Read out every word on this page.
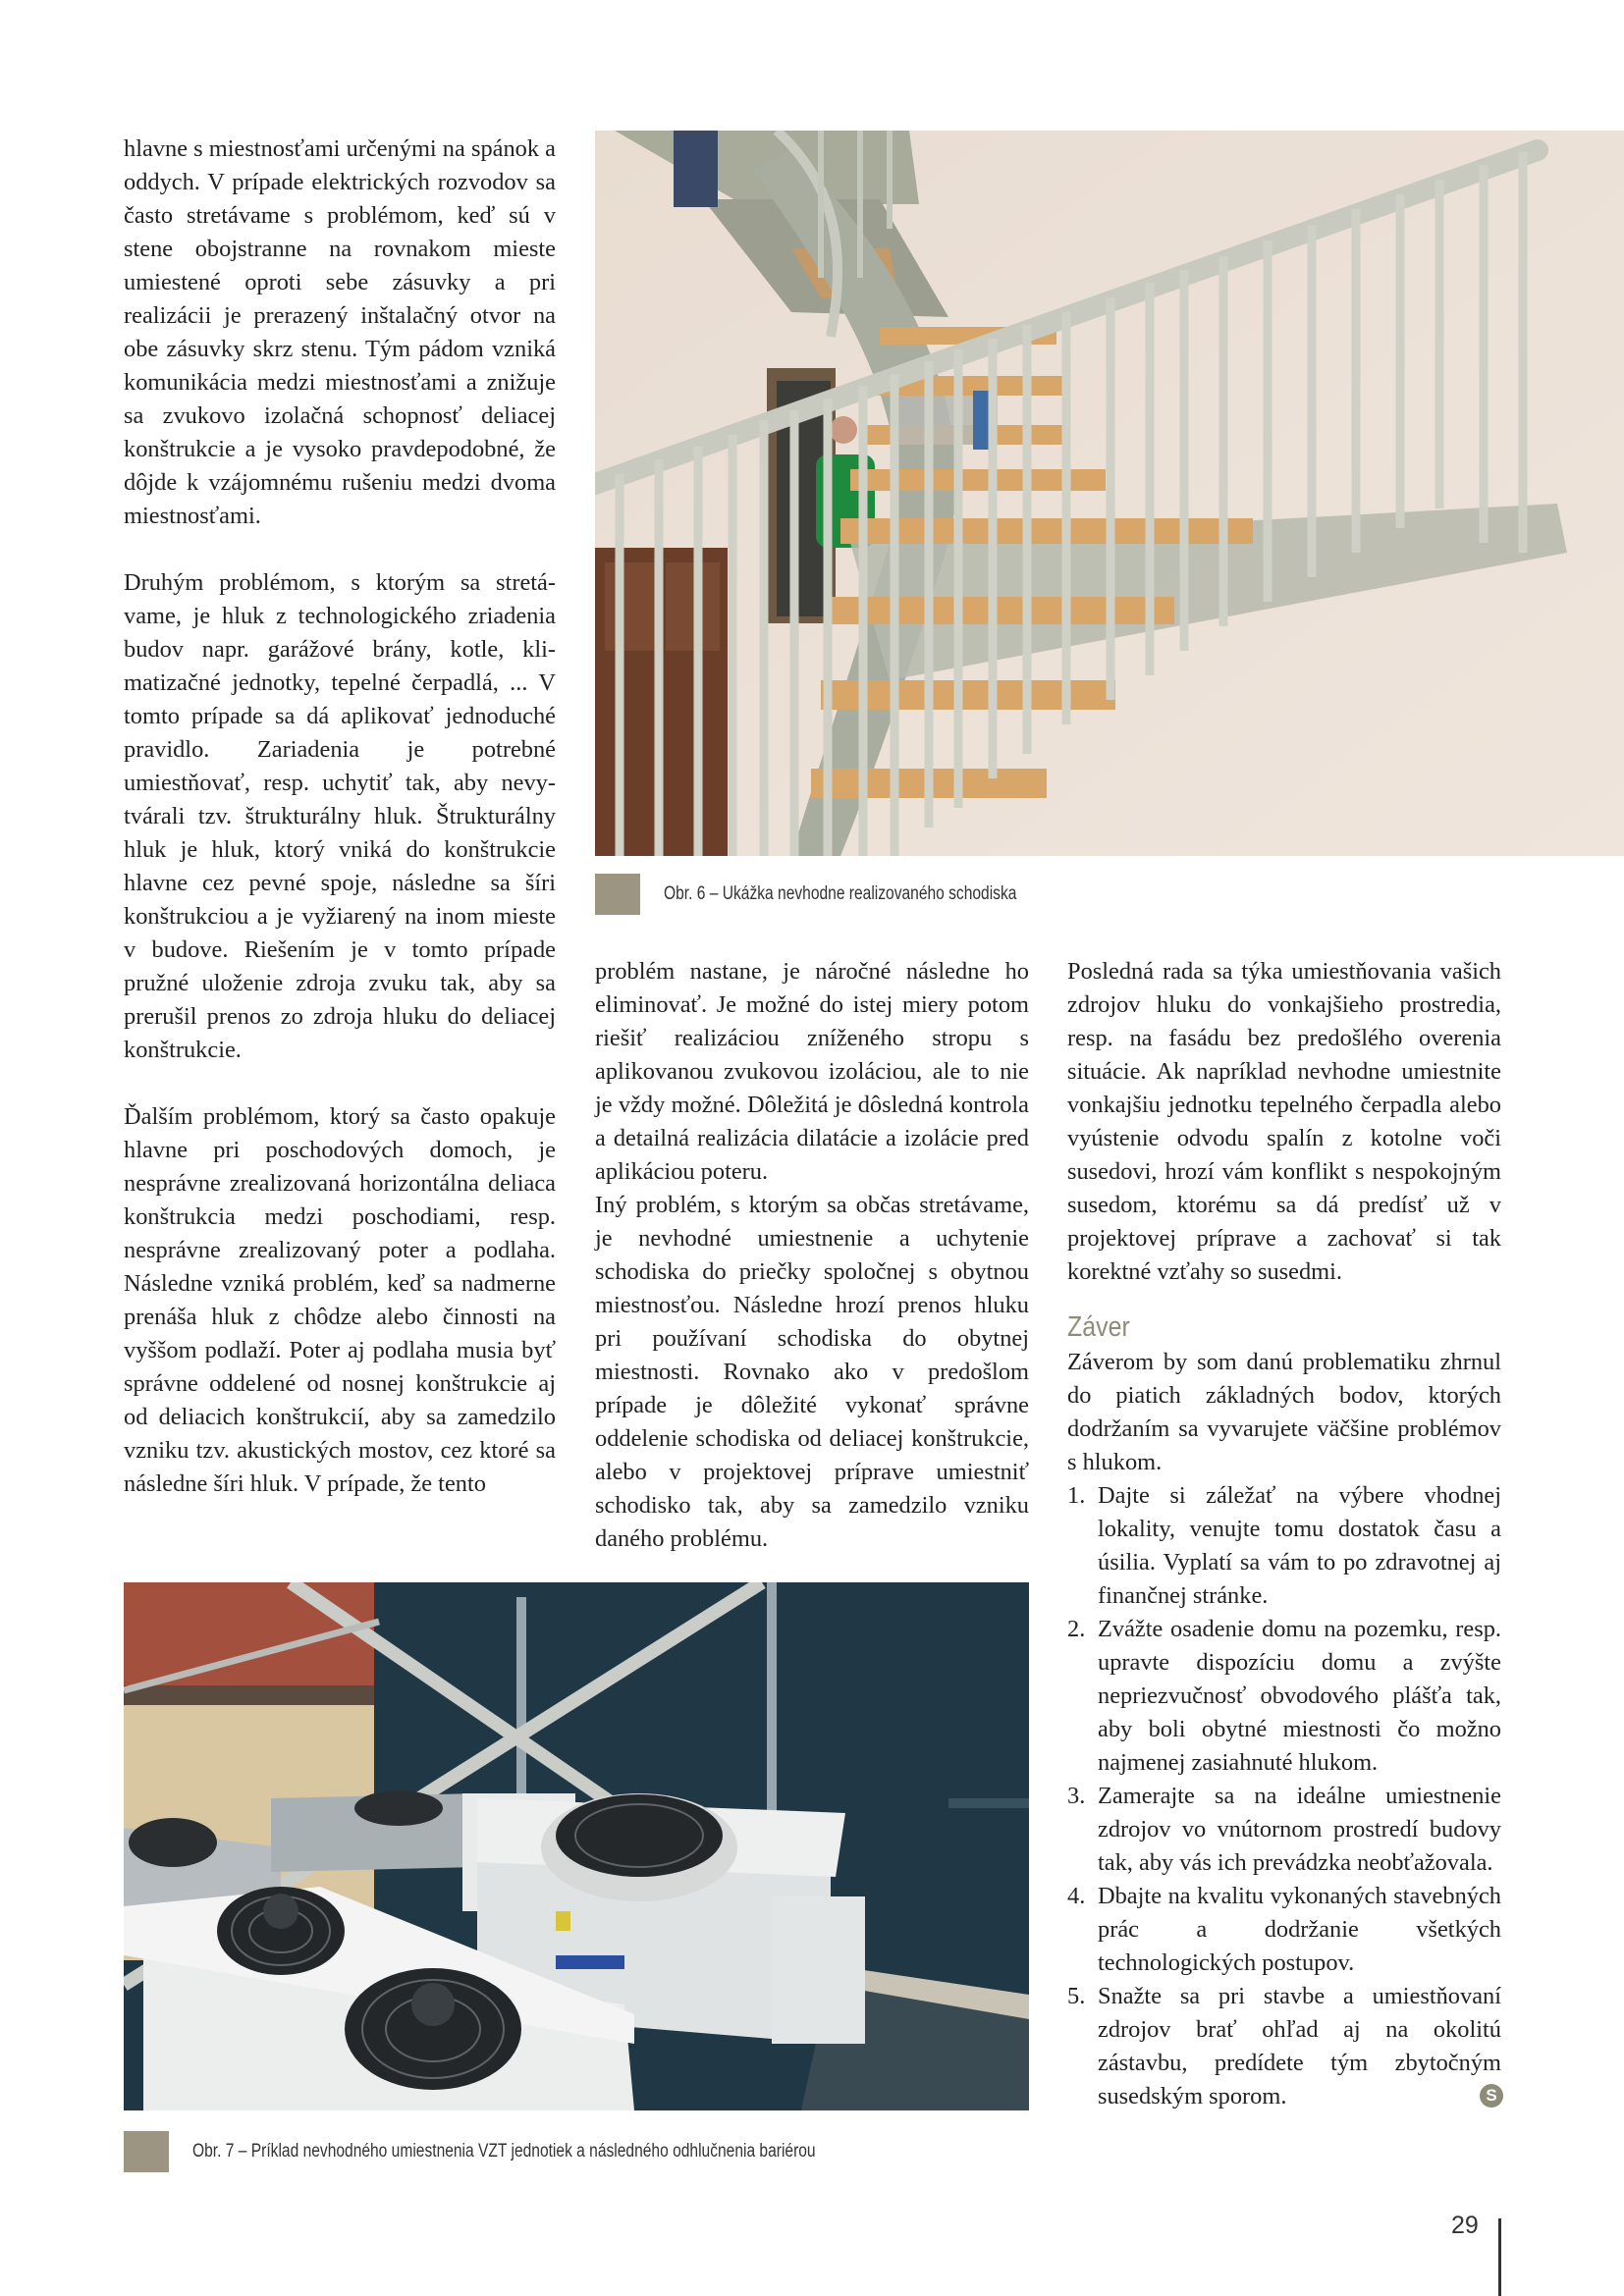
hlavne s miestnosťami určenými na spánok a oddych. V prípade elektrických rozvodov sa často stretávame s problémom, keď sú v stene obojstranne na rovnakom mieste umiestené oproti sebe zásuvky a pri realizácii je prerazený inštalačný otvor na obe zásuvky skrz stenu. Tým pádom vzniká komunikácia medzi miestnosťami a znižuje sa zvukovo izolačná schopnosť deliacej konštrukcie a je vysoko pravdepodobné, že dôjde k vzájomnému rušeniu medzi dvoma miestnosťami.

Druhým problémom, s ktorým sa stretávame, je hluk z technologického zriadenia budov napr. garážové brány, kotle, klimatizačné jednotky, tepelné čerpadlá, ... V tomto prípade sa dá aplikovať jednoduché pravidlo. Zariadenia je potrebné umiestňovať, resp. uchytiť tak, aby nevytvárali tzv. štrukturálny hluk. Štrukturálny hluk je hluk, ktorý vniká do konštrukcie hlavne cez pevné spoje, následne sa šíri konštrukciou a je vyžiarený na inom mieste v budove. Riešením je v tomto prípade pružné uloženie zdroja zvuku tak, aby sa prerušil prenos zo zdroja hluku do deliacej konštrukcie.

Ďalším problémom, ktorý sa často opakuje hlavne pri poschodových domoch, je nesprávne zrealizovaná horizontálna deliaca konštrukcia medzi poschodiami, resp. nesprávne zrealizovaný poter a podlaha. Následne vzniká problém, keď sa nadmerne prenáša hluk z chôdze alebo činnosti na vyššom podlaží. Poter aj podlaha musia byť správne oddelené od nosnej konštrukcie aj od deliacich konštrukcií, aby sa zamedzilo vzniku tzv. akustických mostov, cez ktoré sa následne šíri hluk. V prípade, že tento

Obr. 6 – Ukážka nevhodne realizovaného schodiska

problém nastane, je náročné následne ho eliminovať. Je možné do istej miery potom riešiť realizáciou zníženého stropu s aplikovanou zvukovou izoláciou, ale to nie je vždy možné. Dôležitá je dôsledná kontrola a detailná realizácia dilatácie a izolácie pred aplikáciou poteru.

Iný problém, s ktorým sa občas stretávame, je nevhodné umiestnenie a uchytenie schodiska do priečky spoločnej s obytnou miestnosťou. Následne hrozí prenos hluku pri používaní schodiska do obytnej miestnosti. Rovnako ako v predošlom prípade je dôležité vykonať správne oddelenie schodiska od deliacej konštrukcie, alebo v projektovej príprave umiestniť schodisko tak, aby sa zamedzilo vzniku daného problému.

Posledná rada sa týka umiestňovania vašich zdrojov hluku do vonkajšieho prostredia, resp. na fasádu bez predošlého overenia situácie. Ak napríklad nevhodne umiestnite vonkajšiu jednotku tepelného čerpadla alebo vyústenie odvodu spalín z kotolne voči susedovi, hrozí vám konflikt s nespokojným susedom, ktorému sa dá predísť už v projektovej príprave a zachovať si tak korektné vzťahy so susedmi.

Záver

Záverom by som danú problematiku zhrnul do piatich základných bodov, ktorých dodržaním sa vyvarujete väčšine problémov s hlukom.

1. Dajte si záležať na výbere vhodnej lokality, venujte tomu dostatok času a úsilia. Vyplatí sa vám to po zdravotnej aj finančnej stránke.
2. Zvážte osadenie domu na pozemku, resp. upravte dispozíciu domu a zvýšte nepriezvučnosť obvodového plášťa tak, aby boli obytné miestnosti čo možno najmenej zasiahnuté hlukom.
3. Zamerajte sa na ideálne umiestnenie zdrojov vo vnútornom prostredí budovy tak, aby vás ich prevádzka neobťažovala.
4. Dbajte na kvalitu vykonaných stavebných prác a dodržanie všetkých technologických postupov.
5. Snažte sa pri stavbe a umiestňovaní zdrojov brať ohľad aj na okolitú zástavbu, predídete tým zbytočným susedským sporom.	S
Obr. 7 – Príklad nevhodného umiestnenia VZT jednotiek a následného odhlučnenia bariérou
29
